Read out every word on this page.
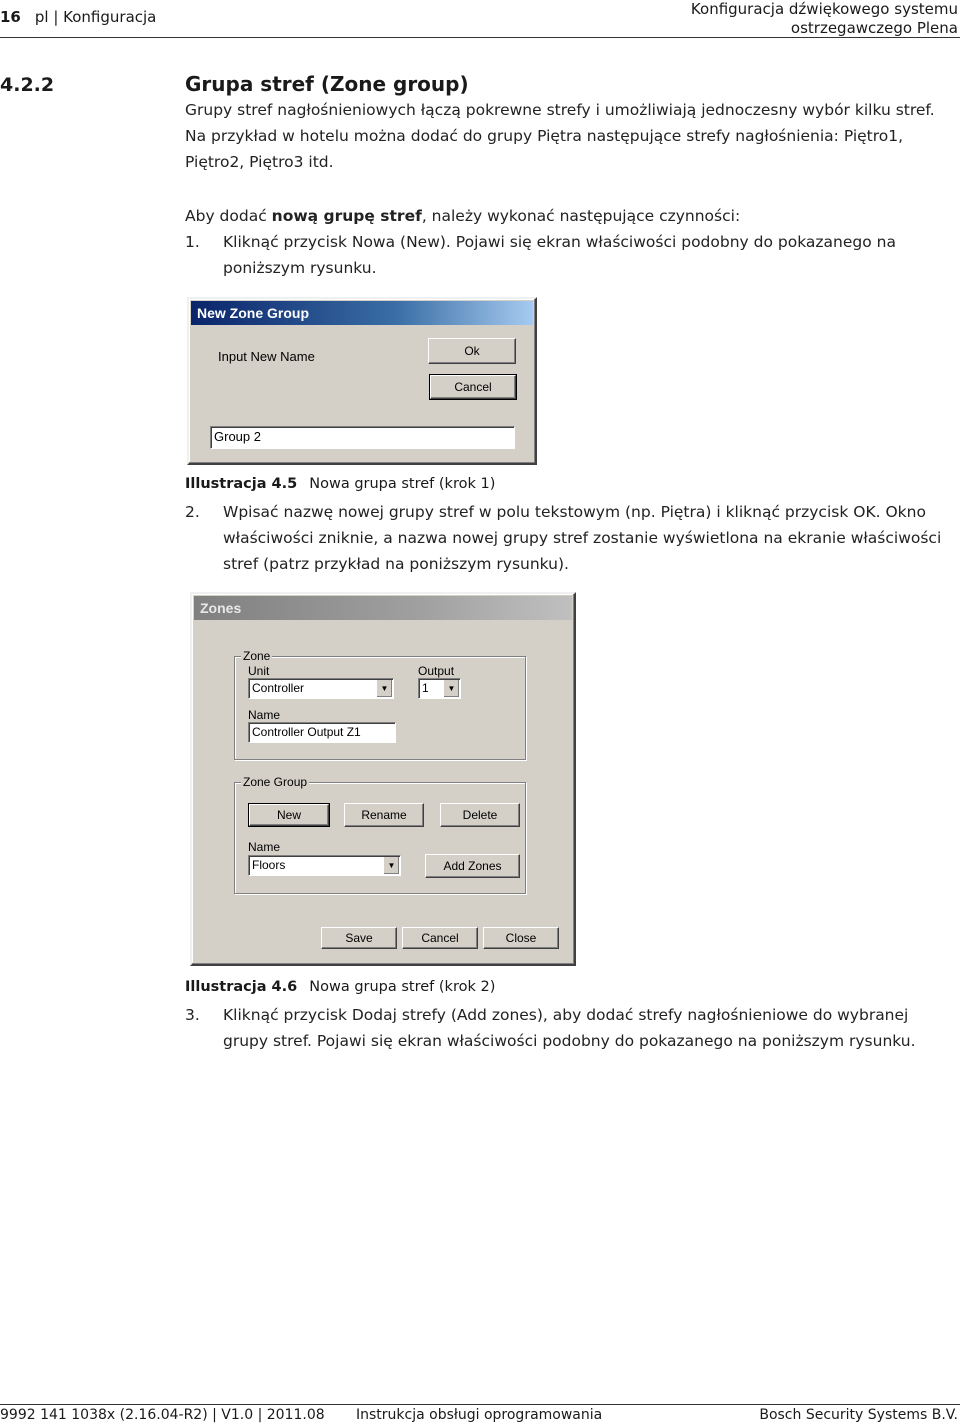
16 pl | Konfiguracja	Konfiguracja dźwiękowego systemu
ostrzegawczego Plena
4.2.2	Grupa stref (Zone group)
Grupy stref nagłośnieniowych łączą pokrewne strefy i umożliwiają jednoczesny wybór kilku stref. Na przykład w hotelu można dodać do grupy Piętra następujące strefy nagłośnienia: Piętro1, Piętro2, Piętro3 itd.
Aby dodać nową grupę stref, należy wykonać następujące czynności:
1.	Kliknąć przycisk Nowa (New). Pojawi się ekran właściwości podobny do pokazanego na poniższym rysunku.
New Zone Group
Input New Name	Ok
Cancel
Group 2
Illustracja 4.5 Nowa grupa stref (krok 1)
2.	Wpisać nazwę nowej grupy stref w polu tekstowym (np. Piętra) i kliknąć przycisk OK. Okno właściwości zniknie, a nazwa nowej grupy stref zostanie wyświetlona na ekranie właściwości stref (patrz przykład na poniższym rysunku).
Zones
Zone
Unit
Controller	▼
Output
1	▼
Name
Controller Output Z1
Zone Group
New	Rename	Delete
Name
Floors	▼	Add Zones
Save	Cancel	Close
Illustracja 4.6 Nowa grupa stref (krok 2)
3.	Kliknąć przycisk Dodaj strefy (Add zones), aby dodać strefy nagłośnieniowe do wybranej grupy stref. Pojawi się ekran właściwości podobny do pokazanego na poniższym rysunku.
9992 141 1038x (2.16.04-R2) | V1.0 | 2011.08 Instrukcja obsługi oprogramowania	Bosch Security Systems B.V.
